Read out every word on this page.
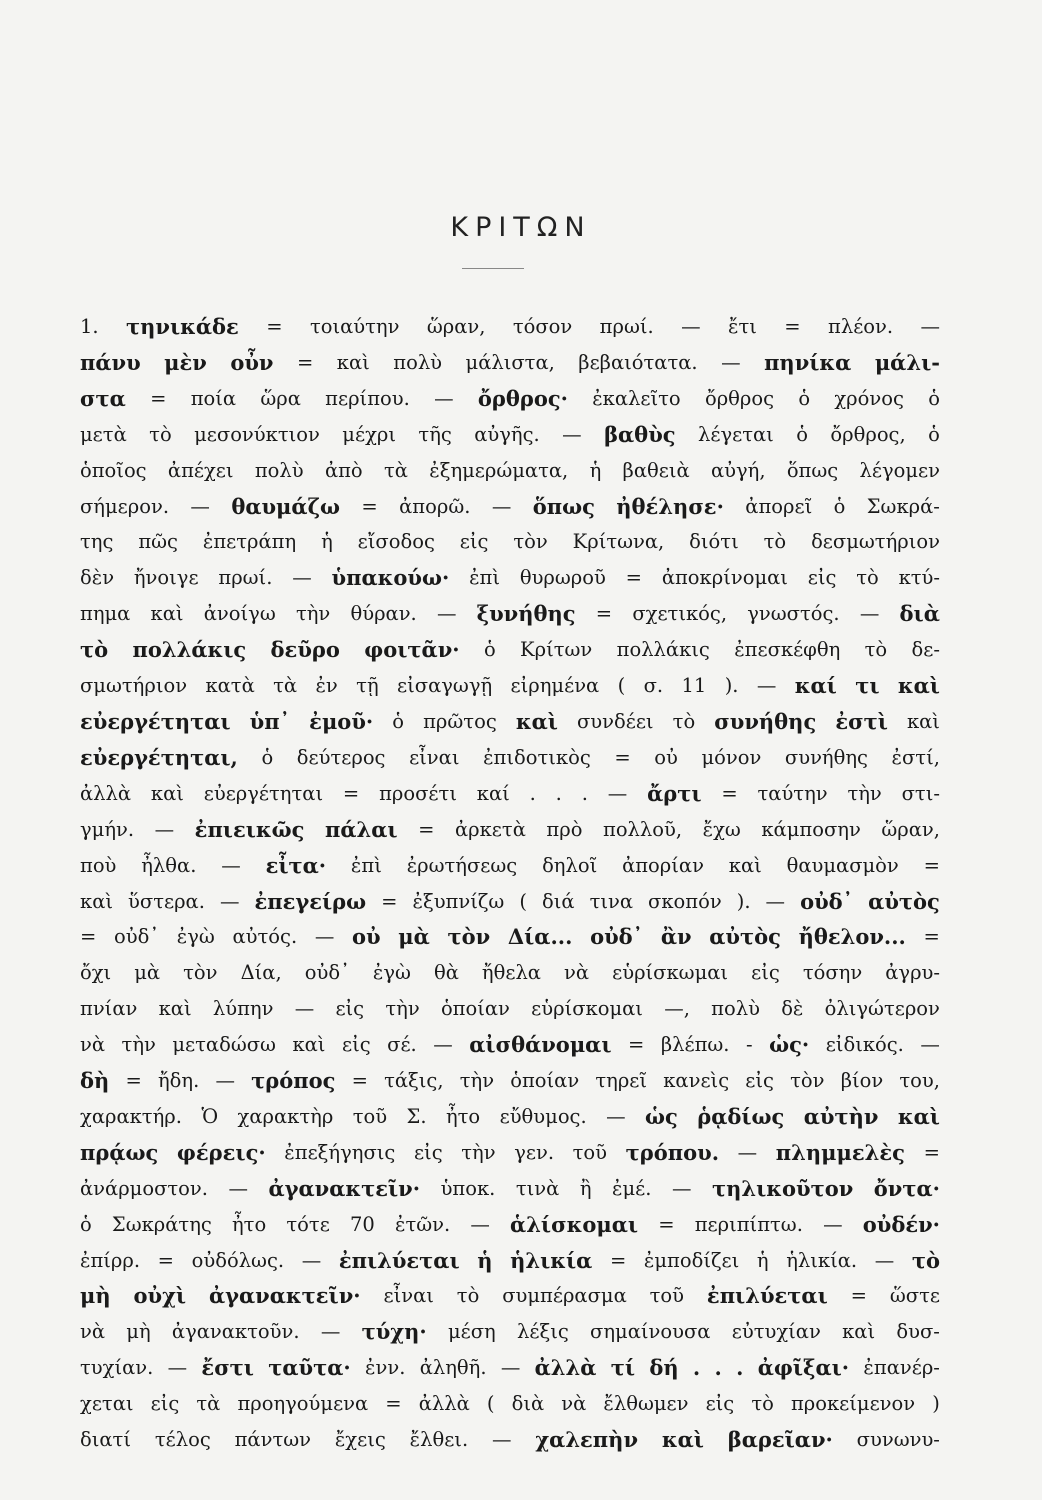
ΚΡΙΤΩΝ
1. τηνικάδε = τοιαύτην ὥραν, τόσον πρωί. — ἔτι = πλέον. —
πάνυ μὲν οὖν = καὶ πολὺ μάλιστα, βεβαιότατα. — πηνίκα μάλι-
στα = ποία ὥρα περίπου. — ὄρθρος· ἐκαλεῖτο ὄρθρος ὁ χρόνος ὁ
μετὰ τὸ μεσονύκτιον μέχρι τῆς αὐγῆς. — βαθὺς λέγεται ὁ ὄρθρος, ὁ
ὁποῖος ἀπέχει πολὺ ἀπὸ τὰ ἐξημερώματα, ἡ βαθειὰ αὐγή, ὅπως λέγομεν
σήμερον. — θαυμάζω = ἀπορῶ. — ὅπως ἠθέλησε· ἀπορεῖ ὁ Σωκρά-
της πῶς ἐπετράπη ἡ εἴσοδος εἰς τὸν Κρίτωνα, διότι τὸ δεσμωτήριον
δὲν ἤνοιγε πρωί. — ὑπακούω· ἐπὶ θυρωροῦ = ἀποκρίνομαι εἰς τὸ κτύ-
πημα καὶ ἀνοίγω τὴν θύραν. — ξυνήθης = σχετικός, γνωστός. — διὰ
τὸ πολλάκις δεῦρο φοιτᾶν· ὁ Κρίτων πολλάκις ἐπεσκέφθη τὸ δε-
σμωτήριον κατὰ τὰ ἐν τῇ εἰσαγωγῇ εἰρημένα ( σ. 11 ). — καί τι καὶ
εὐεργέτηται ὑπ᾽ ἐμοῦ· ὁ πρῶτος καὶ συνδέει τὸ συνήθης ἐστὶ καὶ
εὐεργέτηται, ὁ δεύτερος εἶναι ἐπιδοτικὸς = οὐ μόνον συνήθης ἐστί,
ἀλλὰ καὶ εὐεργέτηται = προσέτι καί . . . — ἄρτι = ταύτην τὴν στι-
γμήν. — ἐπιεικῶς πάλαι = ἀρκετὰ πρὸ πολλοῦ, ἔχω κάμποσην ὥραν,
ποὺ ἦλθα. — εἶτα· ἐπὶ ἐρωτήσεως δηλοῖ ἀπορίαν καὶ θαυμασμὸν =
καὶ ὕστερα. — ἐπεγείρω = ἐξυπνίζω ( διά τινα σκοπόν ). — οὐδ᾽ αὐτὸς
= οὐδ᾽ ἐγὼ αὐτός. — οὐ μὰ τὸν Δία... οὐδ᾽ ἂν αὐτὸς ἤθελον... =
ὄχι μὰ τὸν Δία, οὐδ᾽ ἐγὼ θὰ ἤθελα νὰ εὑρίσκωμαι εἰς τόσην ἀγρυ-
πνίαν καὶ λύπην — εἰς τὴν ὁποίαν εὑρίσκομαι —, πολὺ δὲ ὀλιγώτερον
νὰ τὴν μεταδώσω καὶ εἰς σέ. — αἰσθάνομαι = βλέπω. - ὡς· εἰδικός. —
δὴ = ἤδη. — τρόπος = τάξις, τὴν ὁποίαν τηρεῖ κανεὶς εἰς τὸν βίον του,
χαρακτήρ. Ὁ χαρακτὴρ τοῦ Σ. ἦτο εὔθυμος. — ὡς ῥᾳδίως αὐτὴν καὶ
πρᾴως φέρεις· ἐπεξήγησις εἰς τὴν γεν. τοῦ τρόπου. — πλημμελὲς =
ἀνάρμοστον. — ἀγανακτεῖν· ὑποκ. τινὰ ἢ ἐμέ. — τηλικοῦτον ὄντα·
ὁ Σωκράτης ἦτο τότε 70 ἐτῶν. — ἁλίσκομαι = περιπίπτω. — οὐδέν·
ἐπίρρ. = οὐδόλως. — ἐπιλύεται ἡ ἡλικία = ἐμποδίζει ἡ ἡλικία. — τὸ
μὴ οὐχὶ ἀγανακτεῖν· εἶναι τὸ συμπέρασμα τοῦ ἐπιλύεται = ὥστε
νὰ μὴ ἀγανακτοῦν. — τύχη· μέση λέξις σημαίνουσα εὐτυχίαν καὶ δυσ-
τυχίαν. — ἔστι ταῦτα· ἐνν. ἀληθῆ. — ἀλλὰ τί δή . . . ἀφῖξαι· ἐπανέρ-
χεται εἰς τὰ προηγούμενα = ἀλλὰ ( διὰ νὰ ἔλθωμεν εἰς τὸ προκείμενον )
διατί τέλος πάντων ἔχεις ἔλθει. — χαλεπὴν καὶ βαρεῖαν· συνωνυ-
